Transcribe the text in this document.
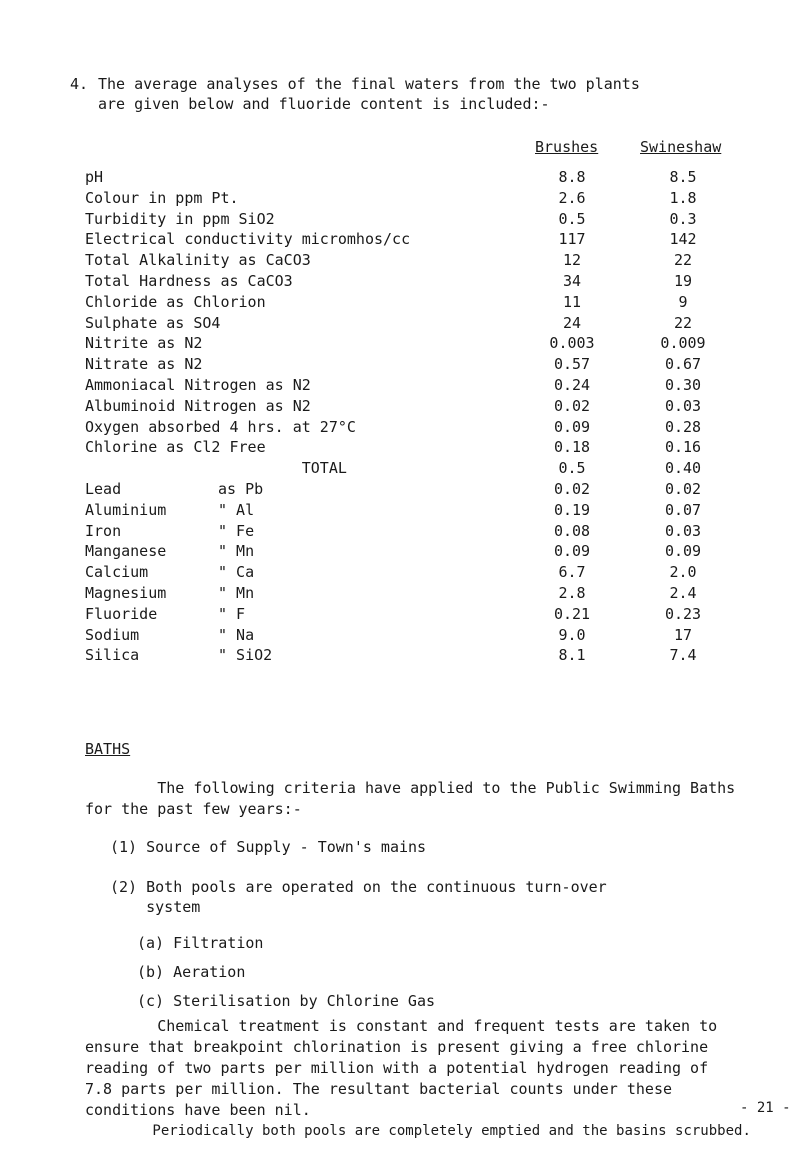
4. The average analyses of the final waters from the two plants
are given below and fluoride content is included:-
Brushes	Swineshaw
pH	8.8	8.5
Colour in ppm Pt.	2.6	1.8
Turbidity in ppm SiO2	0.5	0.3
Electrical conductivity micromhos/cc	117	142
Total Alkalinity as CaCO3	12	22
Total Hardness as CaCO3	34	19
Chloride as Chlorion	11	9
Sulphate as SO4	24	22
Nitrite as N2	0.003	0.009
Nitrate as N2	0.57	0.67
Ammoniacal Nitrogen as N2	0.24	0.30
Albuminoid Nitrogen as N2	0.02	0.03
Oxygen absorbed 4 hrs. at 27°C	0.09	0.28
Chlorine as Cl2 Free	0.18	0.16
TOTAL	0.5	0.40
Lead	as Pb	0.02	0.02
Aluminium	" Al	0.19	0.07
Iron	" Fe	0.08	0.03
Manganese	" Mn	0.09	0.09
Calcium	" Ca	6.7	2.0
Magnesium	" Mn	2.8	2.4
Fluoride	" F	0.21	0.23
Sodium	" Na	9.0	17
Silica	" SiO2	8.1	7.4
BATHS
The following criteria have applied to the Public Swimming Baths
for the past few years:-
(1) Source of Supply - Town's mains
(2) Both pools are operated on the continuous turn-over
system
(a) Filtration
(b) Aeration
(c) Sterilisation by Chlorine Gas
Chemical treatment is constant and frequent tests are taken to
ensure that breakpoint chlorination is present giving a free chlorine
reading of two parts per million with a potential hydrogen reading of
7.8 parts per million. The resultant bacterial counts under these
conditions have been nil.
Periodically both pools are completely emptied and the basins scrubbed.
- 21 -
